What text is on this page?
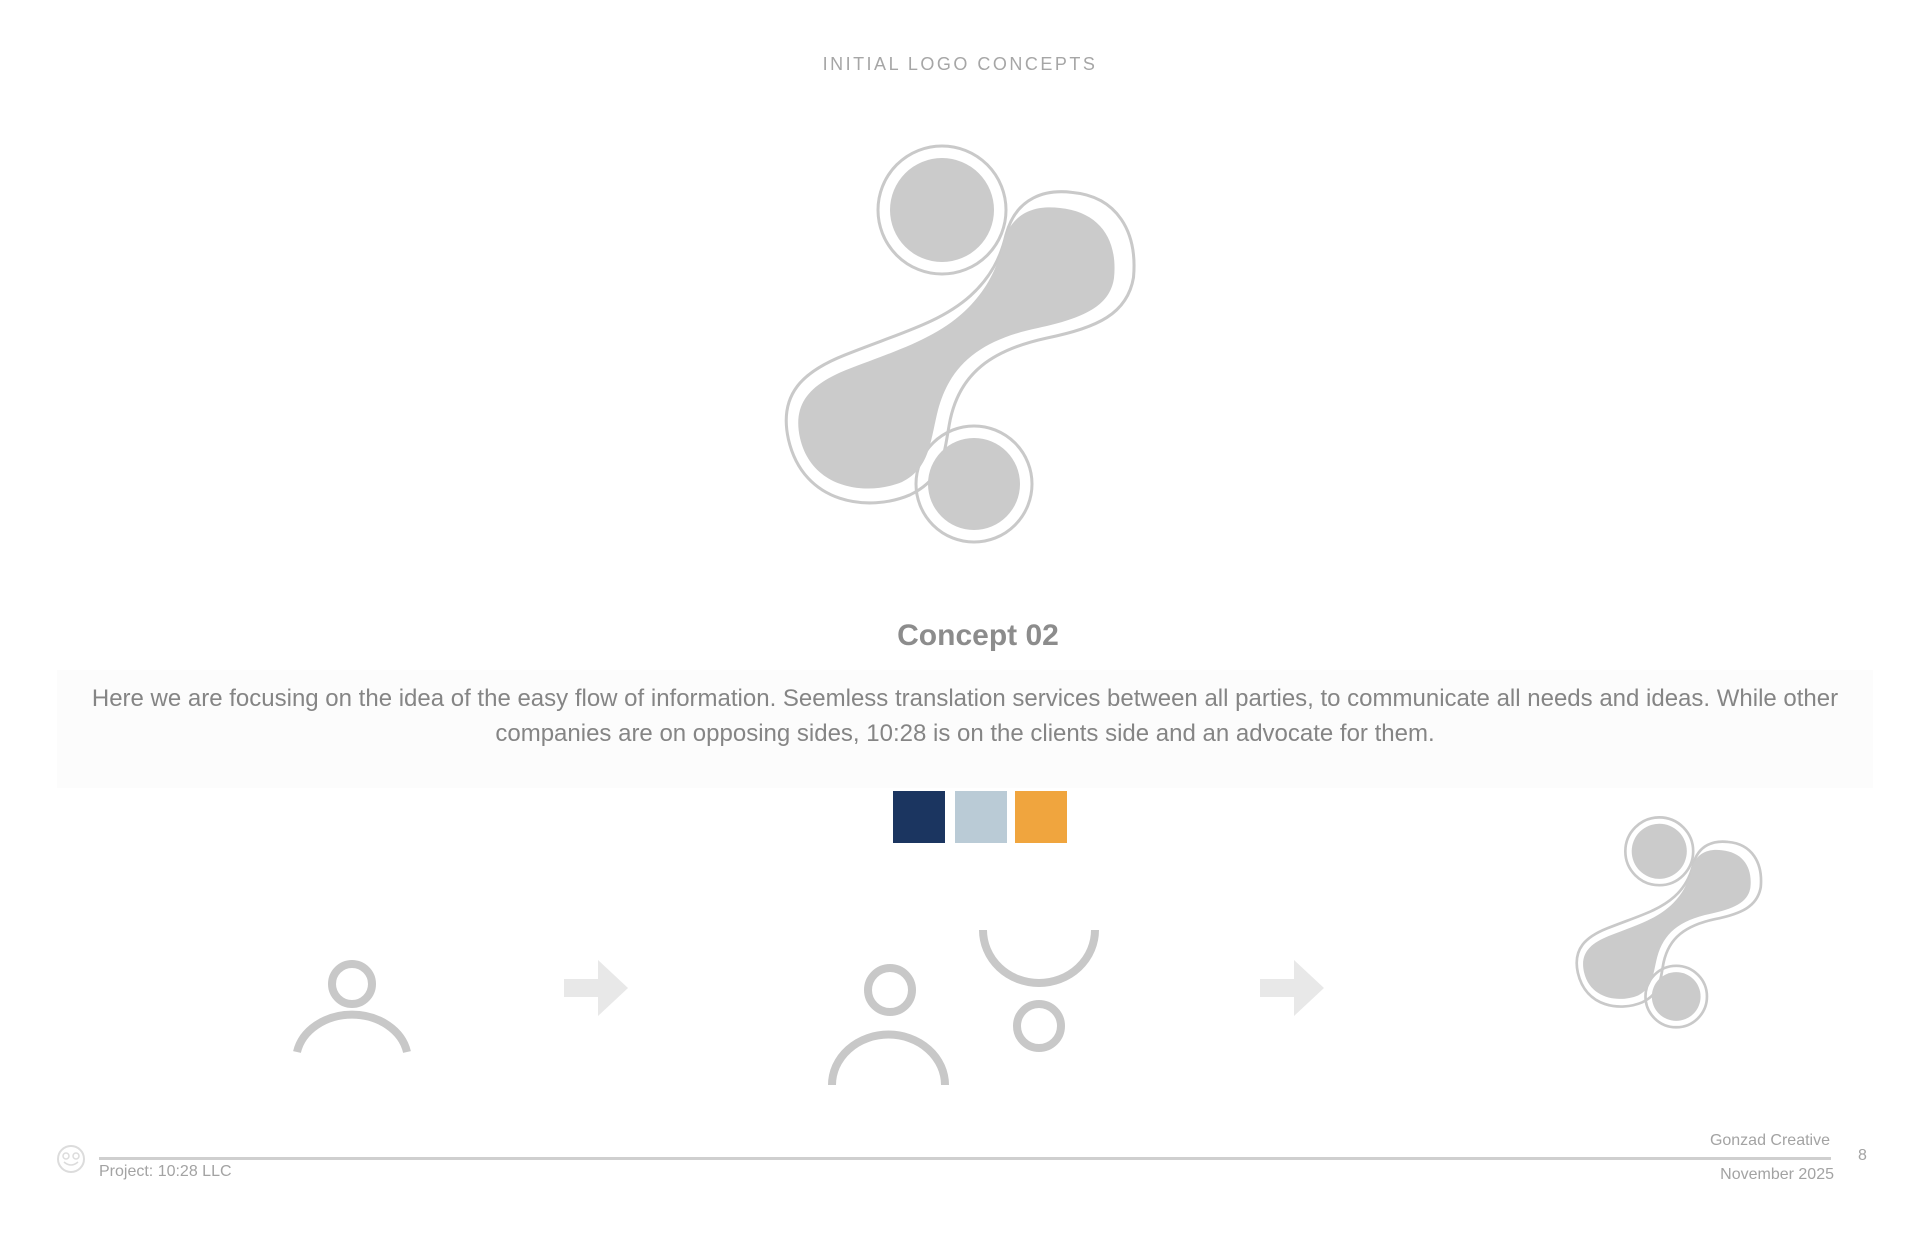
INITIAL LOGO CONCEPTS
Concept 02
Here we are focusing on the idea of the easy flow of information. Seemless translation services between all parties, to communicate all needs and ideas. While other companies are on opposing sides, 10:28 is on the clients side and an advocate for them.
Project: 10:28 LLC
Gonzad Creative
November 2025
8
